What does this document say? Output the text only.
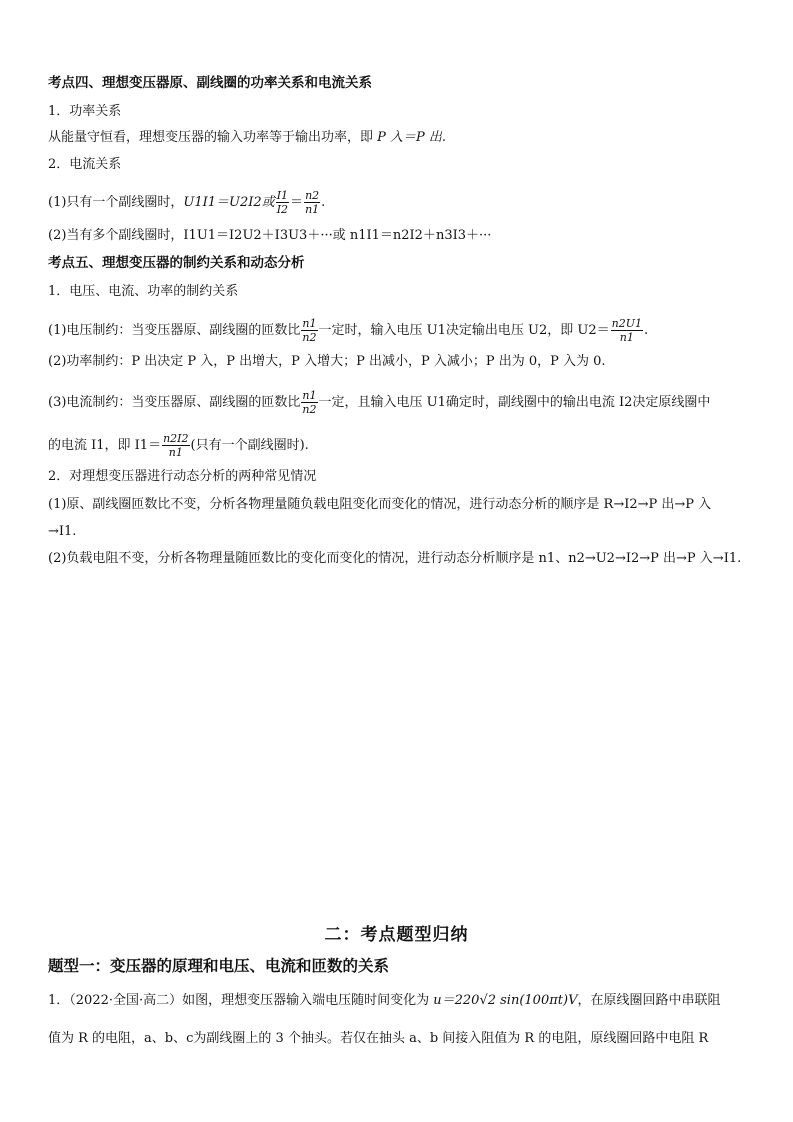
考点四、理想变压器原、副线圈的功率关系和电流关系
1．功率关系
从能量守恒看，理想变压器的输入功率等于输出功率，即 P 入＝P 出.
2．电流关系
(1)只有一个副线圈时，U1I1＝U2I2或 $\frac{I1}{I2} = \frac{n2}{n1}$ .
(2)当有多个副线圈时，I1U1＝I2U2＋I3U3＋···或 n1I1＝n2I2＋n3I3＋···
考点五、理想变压器的制约关系和动态分析
1．电压、电流、功率的制约关系
(1)电压制约：当变压器原、副线圈的匝数比 $\frac{n1}{n2}$ 一定时，输入电压 U1决定输出电压 U2，即 $U2= \frac{n2U1}{n1}$ .
(2)功率制约：P 出决定 P 入，P 出增大，P 入增大；P 出减小，P 入减小；P 出为 0，P 入为 0.
(3)电流制约：当变压器原、副线圈的匝数比 $\frac{n1}{n2}$ 一定，且输入电压 U1确定时，副线圈中的输出电流 I2决定原线圈中
的电流 I1，即 $I1= \frac{n2I2}{n1}$ (只有一个副线圈时).
2．对理想变压器进行动态分析的两种常见情况
(1)原、副线圈匝数比不变，分析各物理量随负载电阻变化而变化的情况，进行动态分析的顺序是 R→I2→P 出→P 入
→I1.
(2)负载电阻不变，分析各物理量随匝数比的变化而变化的情况，进行动态分析顺序是 n1、n2→U2→I2→P 出→P 入→I1.
二：考点题型归纳
题型一：变压器的原理和电压、电流和匝数的关系
1．（2022·全国·高二）如图，理想变压器输入端电压随时间变化为 u＝220√2 sin(100πt)V，在原线圈回路中串联阻
值为 R 的电阻，a、b、c为副线圈上的 3 个抽头。若仅在抽头 a、b 间接入阻值为 R 的电阻，原线圈回路中电阻 R
